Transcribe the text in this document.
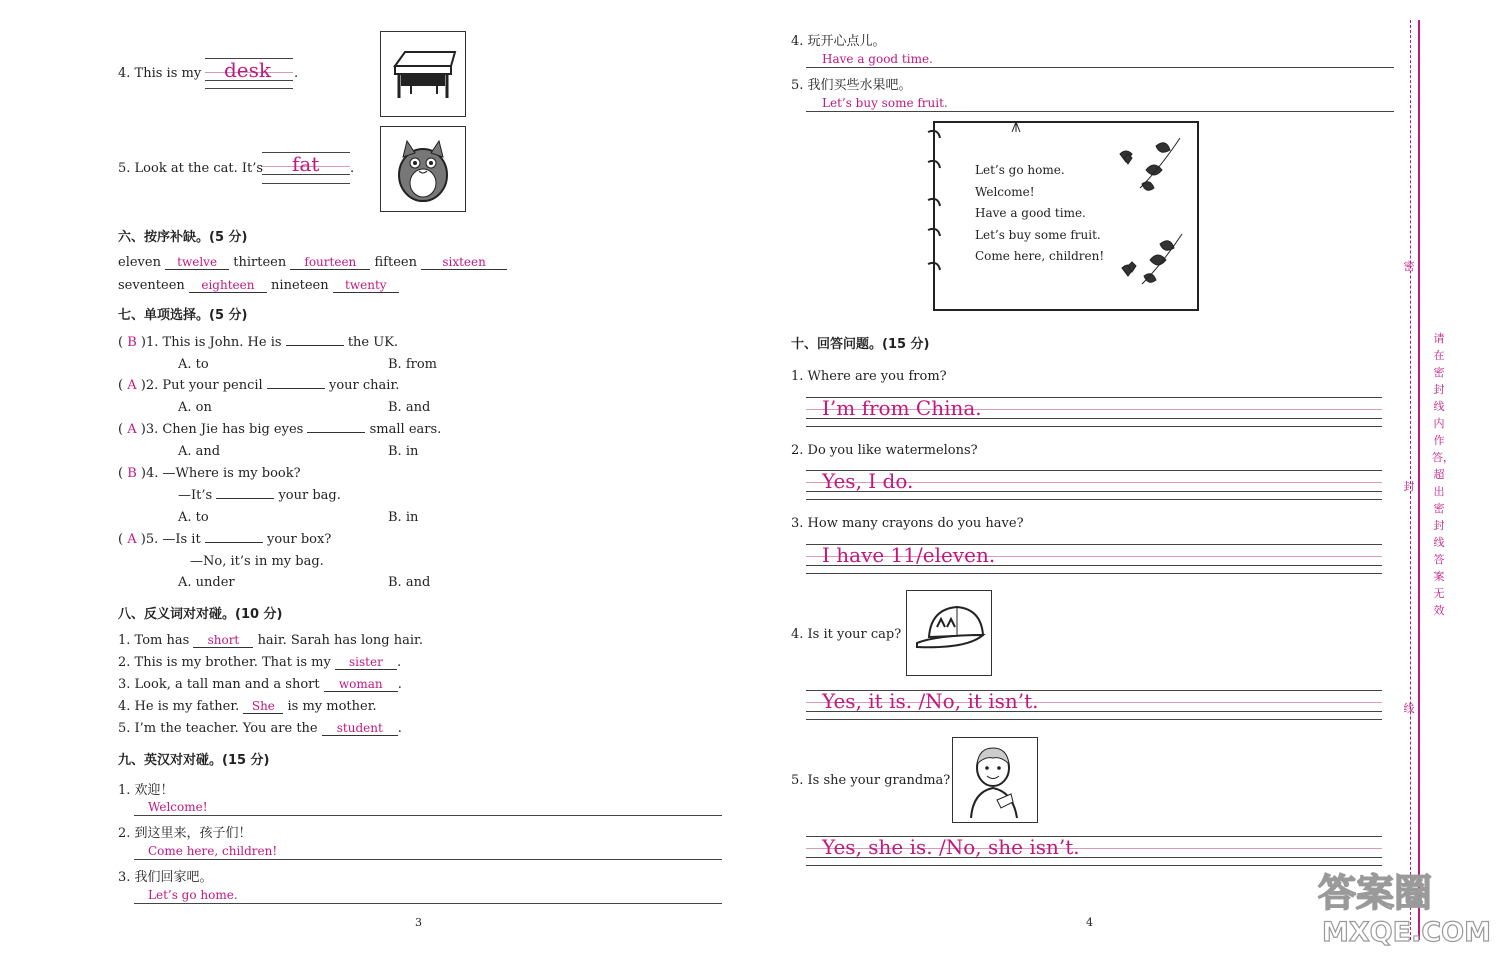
4. This is my desk .
5. Look at the cat. It’s fat .
六、按序补缺。(5 分)
eleven twelve thirteen fourteen fifteen sixteen
seventeen eighteen nineteen twenty
七、单项选择。(5 分)
( B )1. This is John. He is	the UK.
A. to	B. from
( A )2. Put your pencil	your chair.
A. on	B. and
( A )3. Chen Jie has big eyes	small ears.
A. and	B. in
( B )4. —Where is my book?
—It’s	your bag.
A. to	B. in
( A )5. —Is it	your box?
—No, it’s in my bag.
A. under	B. and
八、反义词对对碰。(10 分)
1. Tom has short hair. Sarah has long hair.
2. This is my brother. That is my sister .
3. Look, a tall man and a short woman .
4. He is my father. She is my mother.
5. I’m the teacher. You are the student .
九、英汉对对碰。(15 分)
1. 欢迎！
Welcome!
2. 到这里来，孩子们！
Come here, children!
3. 我们回家吧。
Let’s go home.
3
4. 玩开心点儿。
Have a good time.
5. 我们买些水果吧。
Let’s buy some fruit.
Let’s go home.
Welcome!
Have a good time.
Let’s buy some fruit.
Come here, children!
十、回答问题。(15 分)
1. Where are you from?
I’m from China.
2. Do you like watermelons?
Yes, I do.
3. How many crayons do you have?
I have 11/eleven.
4. Is it your cap?
Yes, it is. /No, it isn’t.
5. Is she your grandma?
Yes, she is. /No, she isn’t.
4
密
封
线
请在密封线内作答，超出密封线答案无效
答案圈
MXQE.COM
